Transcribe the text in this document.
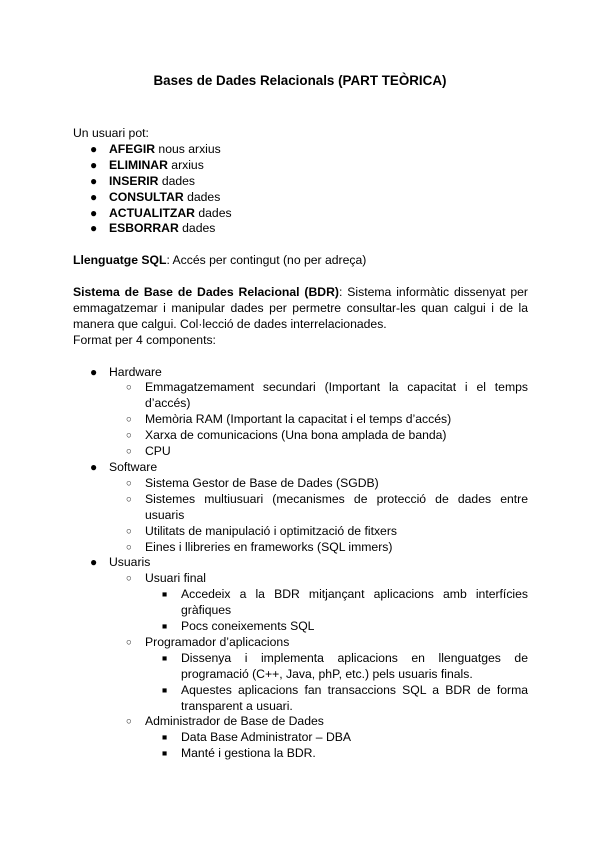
Bases de Dades Relacionals (PART TEÒRICA)

Un usuari pot:

● AFEGIR nous arxius
● ELIMINAR arxius
● INSERIR dades
● CONSULTAR dades
● ACTUALITZAR dades
● ESBORRAR dades

Llenguatge SQL: Accés per contingut (no per adreça)

Sistema de Base de Dades Relacional (BDR): Sistema informàtic dissenyat per emmagatzemar i manipular dades per permetre consultar-les quan calgui i de la manera que calgui. Col·lecció de dades interrelacionades.

Format per 4 components:

● Hardware
○ Emmagatzemament secundari (Important la capacitat i el temps d’accés)
○ Memòria RAM (Important la capacitat i el temps d’accés)
○ Xarxa de comunicacions (Una bona amplada de banda)
○ CPU
● Software
○ Sistema Gestor de Base de Dades (SGDB)
○ Sistemes multiusuari (mecanismes de protecció de dades entre usuaris
○ Utilitats de manipulació i optimització de fitxers
○ Eines i llibreries en frameworks (SQL immers)
● Usuaris
○ Usuari final
■ Accedeix a la BDR mitjançant aplicacions amb interfícies gràfiques
■ Pocs coneixements SQL
○ Programador d’aplicacions
■ Dissenya i implementa aplicacions en llenguatges de programació (C++, Java, phP, etc.) pels usuaris finals.
■ Aquestes aplicacions fan transaccions SQL a BDR de forma transparent a usuari.
○ Administrador de Base de Dades
■ Data Base Administrator – DBA
■ Manté i gestiona la BDR.
